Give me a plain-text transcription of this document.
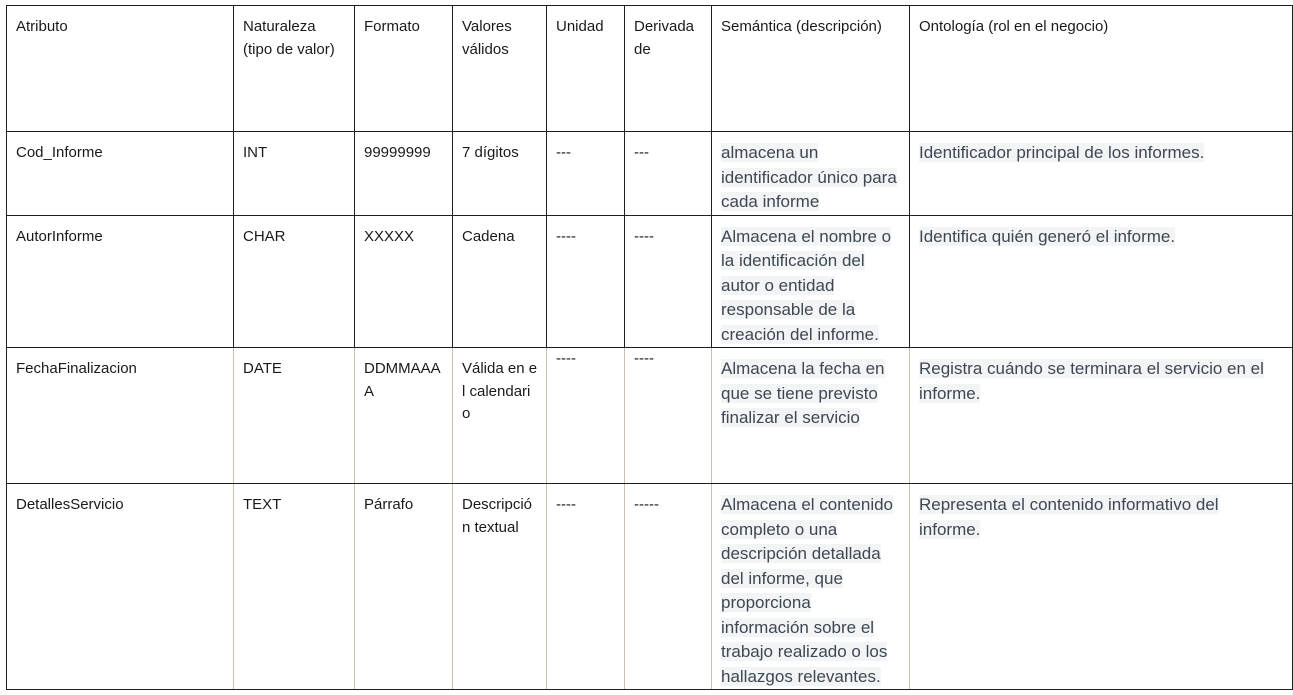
Atributo	Naturaleza (tipo de valor)	Formato	Valores válidos	Unidad	Derivada de	Semántica (descripción)	Ontología (rol en el negocio)
Cod_Informe	INT	99999999	7 dígitos	---	---	almacena un identificador único para cada informe	Identificador principal de los informes.
AutorInforme	CHAR	XXXXX	Cadena	----	----	Almacena el nombre o la identificación del autor o entidad responsable de la creación del informe.	Identifica quién generó el informe.
FechaFinalizacion	DATE	DDMMAAAA	Válida en el calendario	----	----	Almacena la fecha en que se tiene previsto finalizar el servicio	Registra cuándo se terminara el servicio en el informe.
DetallesServicio	TEXT	Párrafo	Descripción textual	----	-----	Almacena el contenido completo o una descripción detallada del informe, que proporciona información sobre el trabajo realizado o los hallazgos relevantes.	Representa el contenido informativo del informe.
